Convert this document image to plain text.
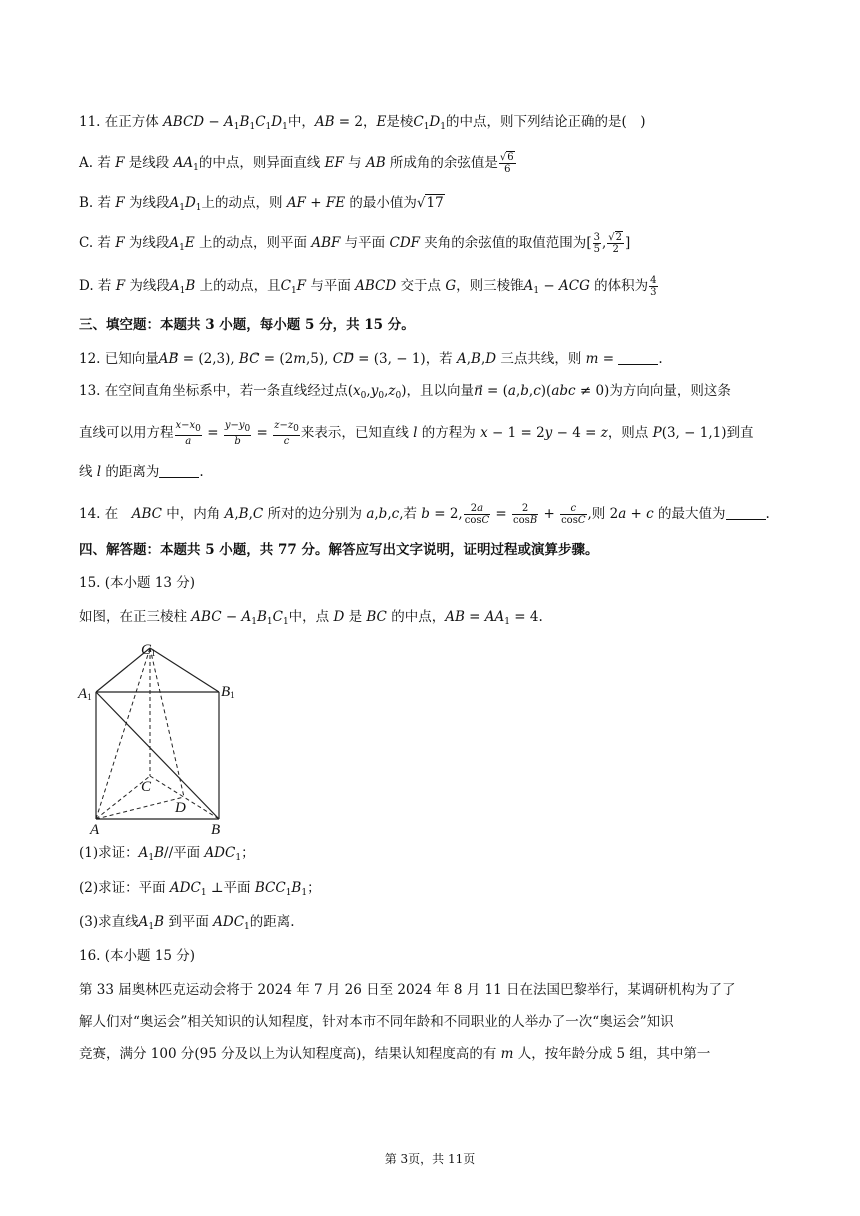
11. 在正方体 ABCD − $A_1B_1C_1D_1$中，AB = 2，E是棱$C_1D_1$的中点，则下列结论正确的是(　)
A. 若 F 是线段 $AA_1$的中点，则异面直线 EF 与 AB 所成角的余弦值是 $\frac{√6}{6}$
B. 若 F 为线段$A_1D_1$上的动点，则 AF + FE 的最小值为√17
C. 若 F 为线段$A_1E$ 上的动点，则平面 ABF 与平面 CDF 夹角的余弦值的取值范围为[ $\frac{3}{5}$ , $\frac{√2}{2}$ ]
D. 若 F 为线段$A_1B$ 上的动点，且$C_1F$ 与平面 ABCD 交于点 G，则三棱锥$A_1$ − ACG 的体积为 $\frac{4}{3}$
三、填空题：本题共 3 小题，每小题 5 分，共 15 分。
12. 已知向量AB⃗ = (2,3), BC⃗ = (2m,5), CD⃗ = (3, − 1)，若 A,B,D 三点共线，则 m =	.
13. 在空间直角坐标系中，若一条直线经过点$(x_0,y_0,z_0)$，且以向量n⃗ = (a,b,c)(abc ≠ 0)为方向向量，则这条
直线可以用方程 $\frac{x-x_0}{a} = \frac{y-y_0}{b} = \frac{z-z_0}{c}$ 来表示，已知直线 l 的方程为 x − 1 = 2y − 4 = z，则点 P(3, − 1,1)到直
线 l 的距离为	.
14. 在　ABC 中，内角 A,B,C 所对的边分别为 a,b,c,若 b = 2, $\frac{2a}{\cos C} = \frac{2}{\cos B} + \frac{c}{\cos C}$ ,则 2a + c 的最大值为	.
四、解答题：本题共 5 小题，共 77 分。解答应写出文字说明，证明过程或演算步骤。
15. (本小题 13 分)
如图，在正三棱柱 ABC − $A_1B_1C_1$中，点 D 是 BC 的中点，AB = $AA_1 = 4$.
C1
A1	B1
C
D
A	B
(1)求证：$A_1B//$平面 $ADC_1$；
(2)求证：平面 $ADC_1$ ⊥平面 $BCC_1B_1$；
(3)求直线$A_1B$ 到平面 $ADC_1$的距离.
16. (本小题 15 分)
第 33 届奥林匹克运动会将于 2024 年 7 月 26 日至 2024 年 8 月 11 日在法国巴黎举行，某调研机构为了了
解人们对“奥运会”相关知识的认知程度，针对本市不同年龄和不同职业的人举办了一次“奥运会”知识
竞赛，满分 100 分(95 分及以上为认知程度高)，结果认知程度高的有 m 人，按年龄分成 5 组，其中第一
第 3页，共 11页
